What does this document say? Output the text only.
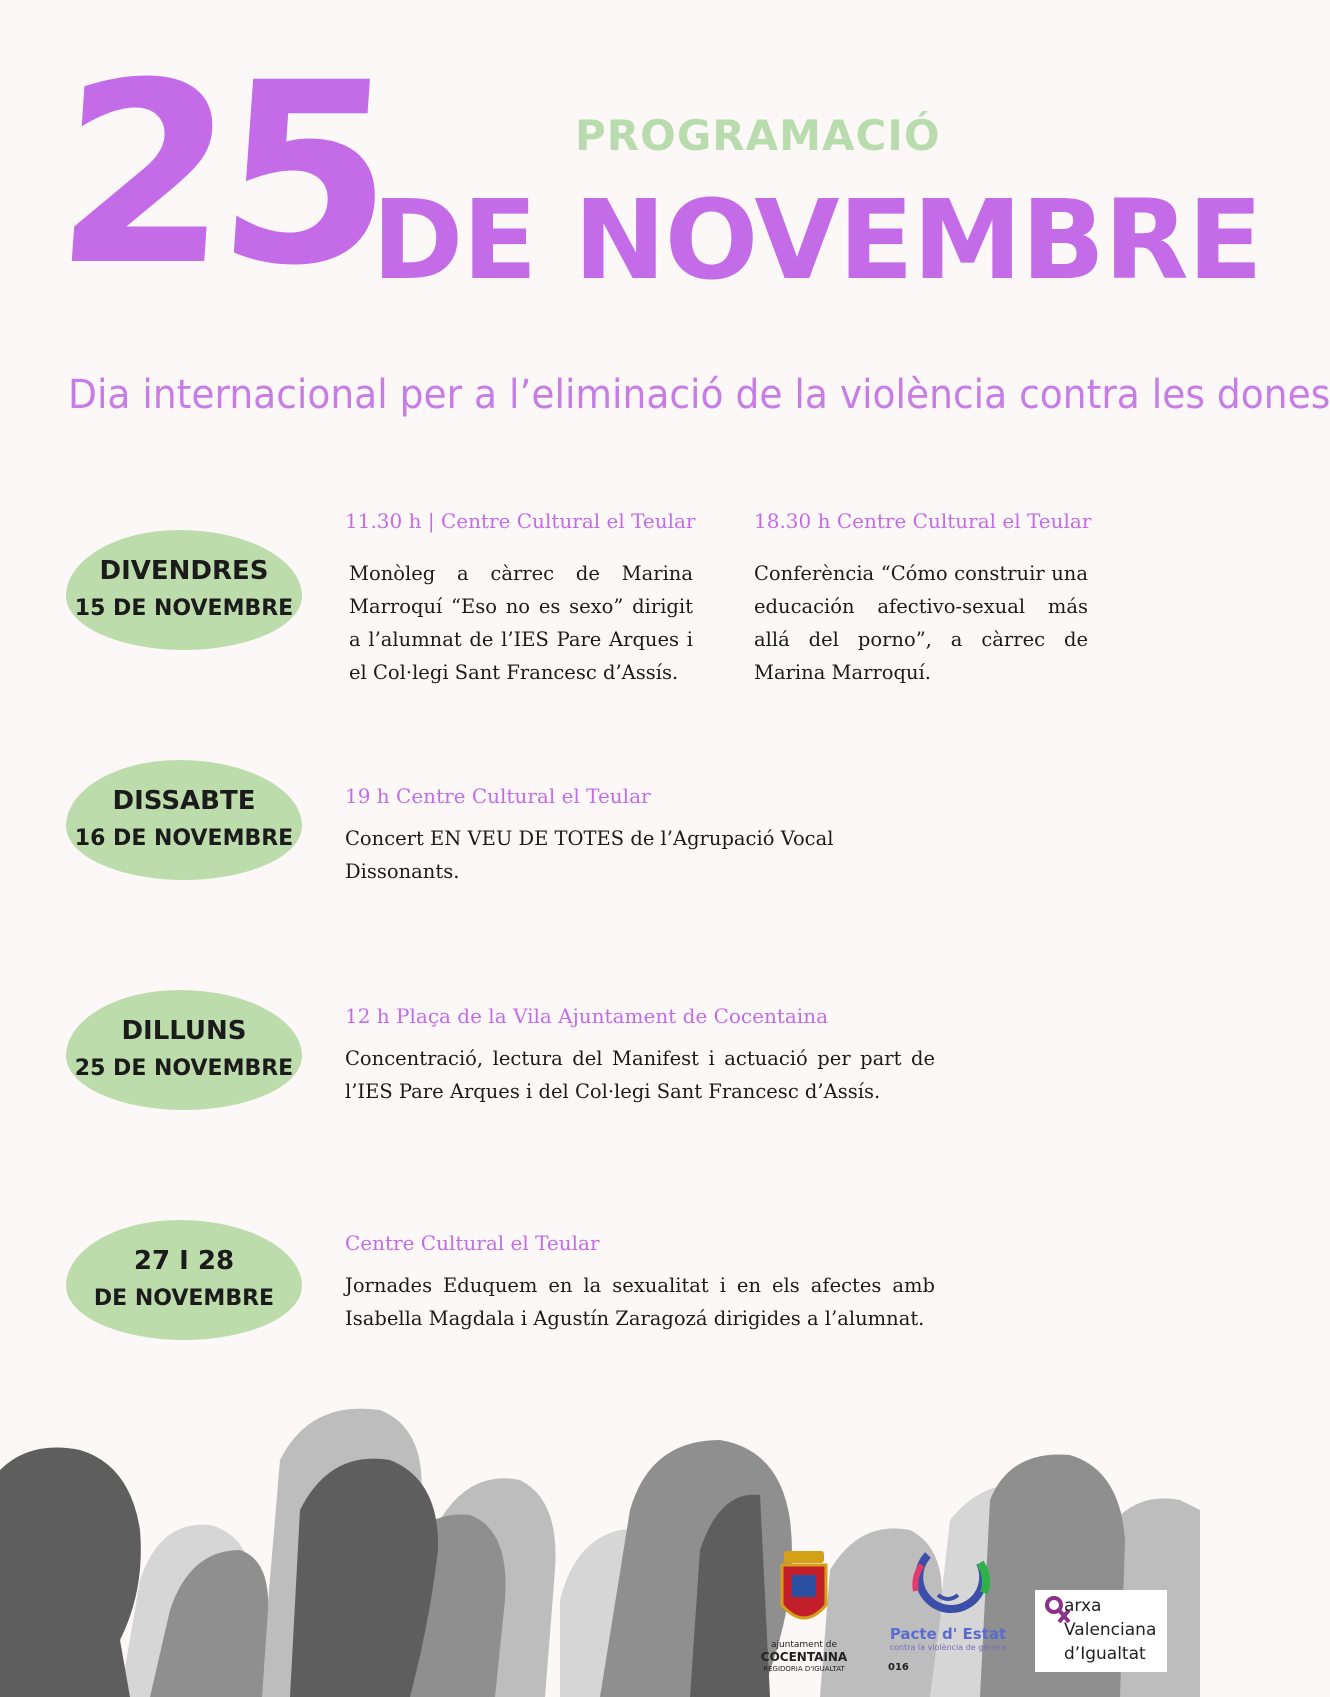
25	PROGRAMACIÓ
DE NOVEMBRE
Dia internacional per a l’eliminació de la violència contra les dones
DIVENDRES
15 DE NOVEMBRE
11.30 h | Centre Cultural el Teular

Monòleg a càrrec de Marina Marroquí “Eso no es sexo” dirigit a l’alumnat de l’IES Pare Arques i el Col·legi Sant Francesc d’Assís.

18.30 h Centre Cultural el Teular

Conferència “Cómo construir una educación afectivo-sexual más allá del porno”, a càrrec de Marina Marroquí.

DISSABTE
16 DE NOVEMBRE
19 h Centre Cultural el Teular

Concert EN VEU DE TOTES de l’Agrupació Vocal Dissonants.

DILLUNS
25 DE NOVEMBRE
12 h Plaça de la Vila Ajuntament de Cocentaina

Concentració, lectura del Manifest i actuació per part de l’IES Pare Arques i del Col·legi Sant Francesc d’Assís.

27 I 28
DE NOVEMBRE
Centre Cultural el Teular

Jornades Eduquem en la sexualitat i en els afectes amb Isabella Magdala i Agustín Zaragozá dirigides a l’alumnat.

ajuntament de
COCENTAINA
REGIDORIA D'IGUALTAT
Pacte d' Estat
contra la violència de gènere
016
arxa
Valenciana
d’Igualtat
